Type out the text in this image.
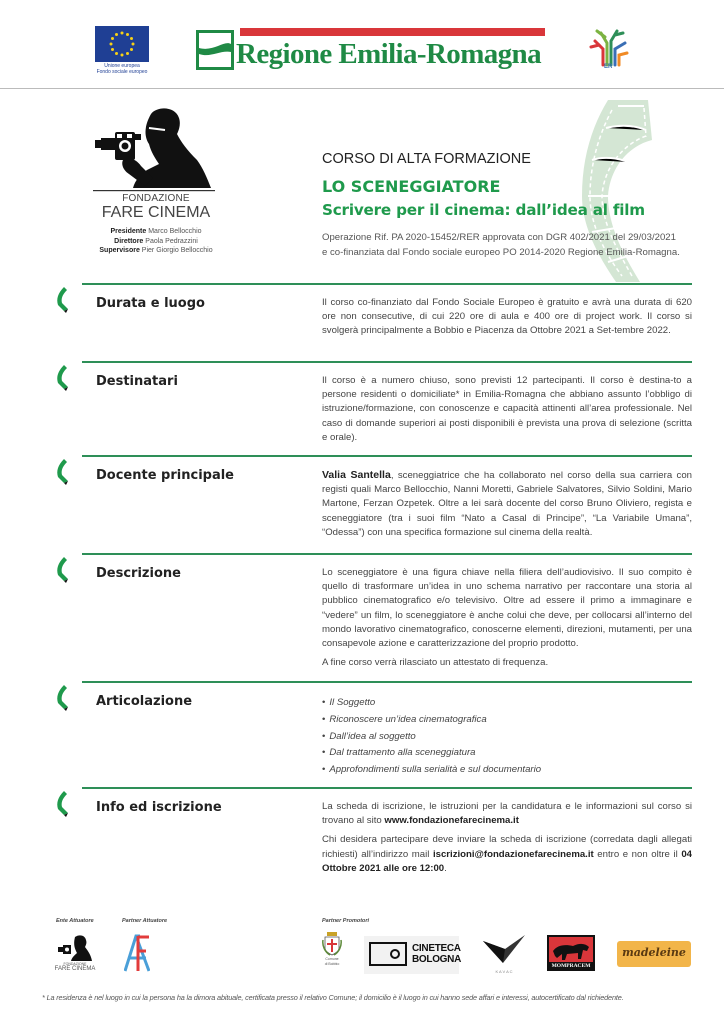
Unione europea
Fondo sociale europeo
Regione Emilia-Romagna	ER
FONDAZIONE
FARE CINEMA
Presidente Marco Bellocchio
Direttore Paola Pedrazzini
Supervisore Pier Giorgio Bellocchio
CORSO DI ALTA FORMAZIONE
LO SCENEGGIATORE
Scrivere per il cinema: dall’idea al film
Operazione Rif. PA 2020-15452/RER approvata con DGR 402/2021 del 29/03/2021
e co-finanziata dal Fondo sociale europeo PO 2014-2020 Regione Emilia-Romagna.
Durata e luogo	Il corso co-finanziato dal Fondo Sociale Europeo è gratuito e avrà una durata di 620 ore non consecutive, di cui 220 ore di aula e 400 ore di project work. Il corso si svolgerà principalmente a Bobbio e Piacenza da Ottobre 2021 a Set-tembre 2022.

Destinatari	Il corso è a numero chiuso, sono previsti 12 partecipanti. Il corso è destina-to a persone residenti o domiciliate* in Emilia-Romagna che abbiano assunto l’obbligo di istruzione/formazione, con conoscenze e capacità attinenti all’area professionale. Nel caso di domande superiori ai posti disponibili è prevista una prova di selezione (scritta e orale).

Docente principale	Valia Santella, sceneggiatrice che ha collaborato nel corso della sua carriera con registi quali Marco Bellocchio, Nanni Moretti, Gabriele Salvatores, Silvio Soldini, Mario Martone, Ferzan Ozpetek. Oltre a lei sarà docente del corso Bruno Oliviero, regista e sceneggiatore (tra i suoi film “Nato a Casal di Principe”, “La Variabile Umana”, “Odessa”) con una specifica formazione sul cinema della realtà.

Descrizione	Lo sceneggiatore è una figura chiave nella filiera dell’audiovisivo. Il suo compito è quello di trasformare un’idea in uno schema narrativo per raccontare una storia al pubblico cinematografico e/o televisivo. Oltre ad essere il primo a immaginare e “vedere” un film, lo sceneggiatore è anche colui che deve, per collocarsi all’interno del mondo lavorativo cinematografico, conoscerne elementi, direzioni, mutamenti, per una consapevole azione e caratterizzazione del proprio prodotto.

A fine corso verrà rilasciato un attestato di frequenza.

Articolazione	• Il Soggetto
• Riconoscere un’idea cinematografica
• Dall’idea al soggetto
• Dal trattamento alla sceneggiatura
• Approfondimenti sulla serialità e sul documentario
Info ed iscrizione	La scheda di iscrizione, le istruzioni per la candidatura e le informazioni sul corso si trovano al sito www.fondazionefarecinema.it

Chi desidera partecipare deve inviare la scheda di iscrizione (corredata dagli allegati richiesti) all’indirizzo mail iscrizioni@fondazionefarecinema.it entro e non oltre il 04 Ottobre 2021 alle ore 12:00.

Ente Attuatore	Partner Attuatore	Partner Promotori
FONDAZIONE
FARE CINEMA
Comune
di Bobbio
CINETECA
BOLOGNA
K A V A C
MOMPRACEM
madeleine
* La residenza è nel luogo in cui la persona ha la dimora abituale, certificata presso il relativo Comune; il domicilio è il luogo in cui hanno sede affari e interessi, autocertificato dal richiedente.
